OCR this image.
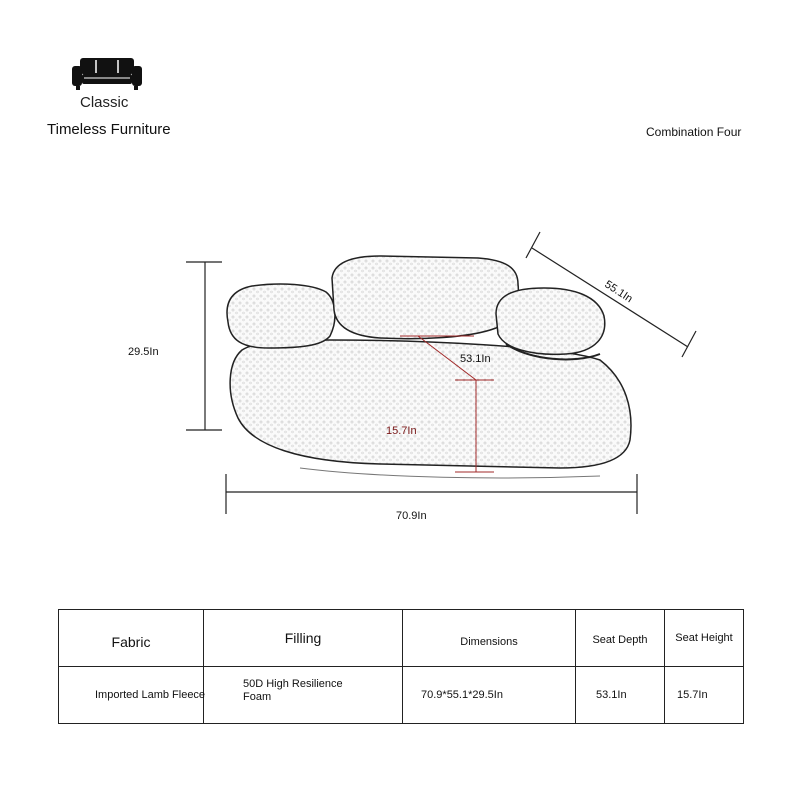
Classic
Timeless Furniture	Combination Four
29.5In
55.1In
53.1In
15.7In
70.9In
Fabric	Filling	Dimensions	Seat Depth	Seat Height

Imported Lamb Fleece	50D High Resilience Foam	70.9*55.1*29.5In	53.1In	15.7In
